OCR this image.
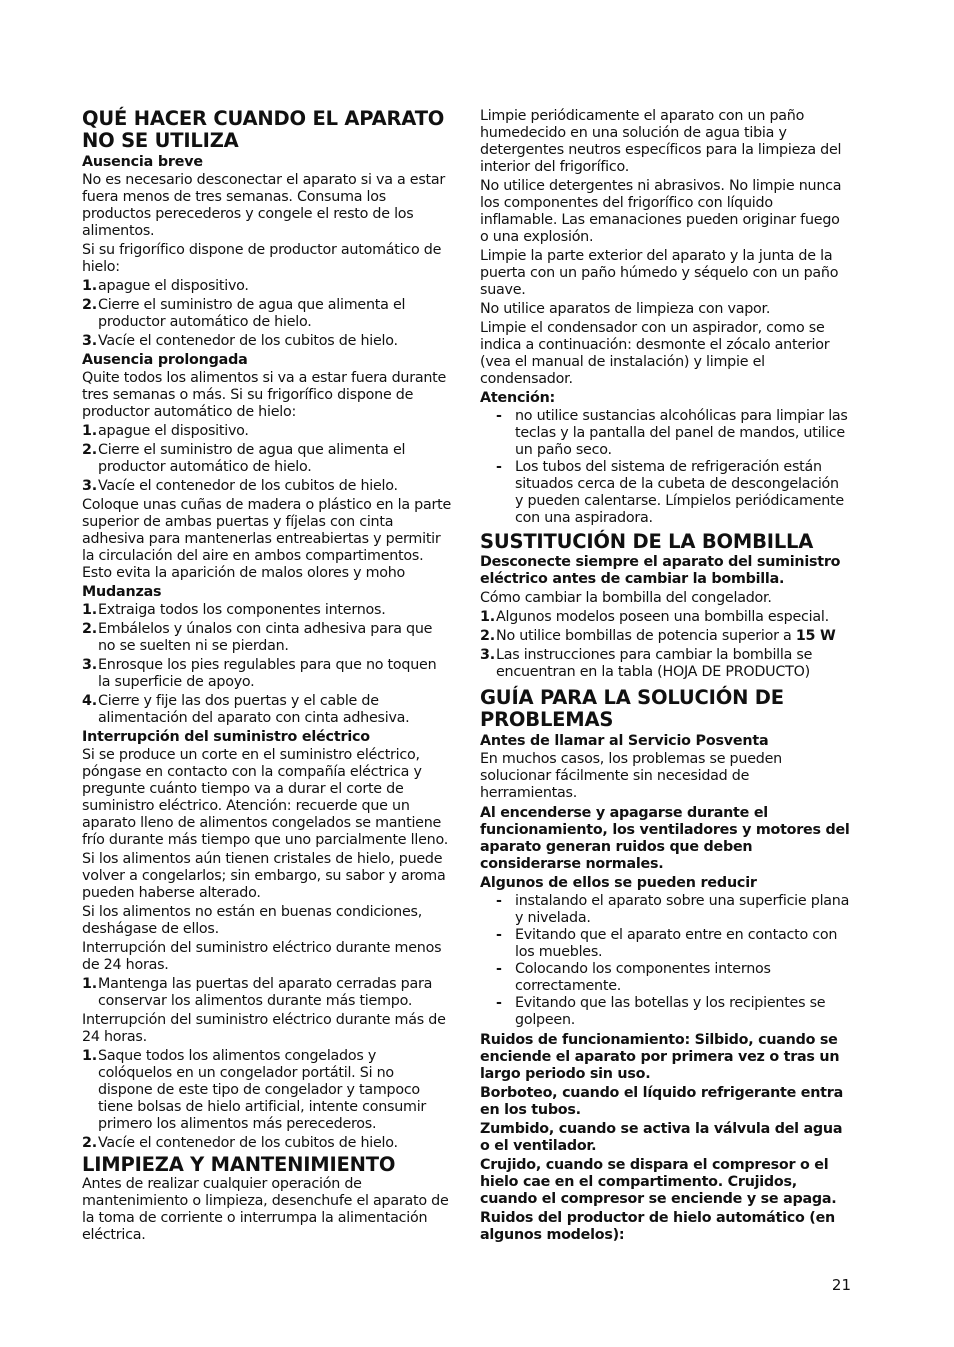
QUÉ HACER CUANDO EL APARATO NO SE UTILIZA
Ausencia breve

No es necesario desconectar el aparato si va a estar fuera menos de tres semanas. Consuma los productos perecederos y congele el resto de los alimentos.

Si su frigorífico dispone de productor automático de hielo:

1. apague el dispositivo.
2. Cierre el suministro de agua que alimenta el productor automático de hielo.
3. Vacíe el contenedor de los cubitos de hielo.
Ausencia prolongada

Quite todos los alimentos si va a estar fuera durante tres semanas o más. Si su frigorífico dispone de productor automático de hielo:

1. apague el dispositivo.
2. Cierre el suministro de agua que alimenta el productor automático de hielo.
3. Vacíe el contenedor de los cubitos de hielo.

Coloque unas cuñas de madera o plástico en la parte superior de ambas puertas y fíjelas con cinta adhesiva para mantenerlas entreabiertas y permitir la circulación del aire en ambos compartimentos. Esto evita la aparición de malos olores y moho

Mudanzas
1. Extraiga todos los componentes internos.
2. Embálelos y únalos con cinta adhesiva para que no se suelten ni se pierdan.
3. Enrosque los pies regulables para que no toquen la superficie de apoyo.
4. Cierre y fije las dos puertas y el cable de alimentación del aparato con cinta adhesiva.
Interrupción del suministro eléctrico

Si se produce un corte en el suministro eléctrico, póngase en contacto con la compañía eléctrica y pregunte cuánto tiempo va a durar el corte de suministro eléctrico. Atención: recuerde que un aparato lleno de alimentos congelados se mantiene frío durante más tiempo que uno parcialmente lleno.

Si los alimentos aún tienen cristales de hielo, puede volver a congelarlos; sin embargo, su sabor y aroma pueden haberse alterado.

Si los alimentos no están en buenas condiciones, deshágase de ellos.

Interrupción del suministro eléctrico durante menos de 24 horas.

1. Mantenga las puertas del aparato cerradas para conservar los alimentos durante más tiempo.

Interrupción del suministro eléctrico durante más de 24 horas.

1. Saque todos los alimentos congelados y colóquelos en un congelador portátil. Si no dispone de este tipo de congelador y tampoco tiene bolsas de hielo artificial, intente consumir primero los alimentos más perecederos.
2. Vacíe el contenedor de los cubitos de hielo.
LIMPIEZA Y MANTENIMIENTO

Antes de realizar cualquier operación de mantenimiento o limpieza, desenchufe el aparato de la toma de corriente o interrumpa la alimentación eléctrica.

Limpie periódicamente el aparato con un paño humedecido en una solución de agua tibia y detergentes neutros específicos para la limpieza del interior del frigorífico.

No utilice detergentes ni abrasivos. No limpie nunca los componentes del frigorífico con líquido inflamable. Las emanaciones pueden originar fuego o una explosión.

Limpie la parte exterior del aparato y la junta de la puerta con un paño húmedo y séquelo con un paño suave.

No utilice aparatos de limpieza con vapor.

Limpie el condensador con un aspirador, como se indica a continuación: desmonte el zócalo anterior (vea el manual de instalación) y limpie el condensador.

Atención:
- no utilice sustancias alcohólicas para limpiar las teclas y la pantalla del panel de mandos, utilice un paño seco.
- Los tubos del sistema de refrigeración están situados cerca de la cubeta de descongelación y pueden calentarse. Límpielos periódicamente con una aspiradora.
SUSTITUCIÓN DE LA BOMBILLA

Desconecte siempre el aparato del suministro eléctrico antes de cambiar la bombilla.

Cómo cambiar la bombilla del congelador.

1. Algunos modelos poseen una bombilla especial.
2. No utilice bombillas de potencia superior a 15 W
3. Las instrucciones para cambiar la bombilla se encuentran en la tabla (HOJA DE PRODUCTO)
GUÍA PARA LA SOLUCIÓN DE PROBLEMAS
Antes de llamar al Servicio Posventa

En muchos casos, los problemas se pueden solucionar fácilmente sin necesidad de herramientas.

Al encenderse y apagarse durante el funcionamiento, los ventiladores y motores del aparato generan ruidos que deben considerarse normales.

Algunos de ellos se pueden reducir
- instalando el aparato sobre una superficie plana y nivelada.
- Evitando que el aparato entre en contacto con los muebles.
- Colocando los componentes internos correctamente.
- Evitando que las botellas y los recipientes se golpeen.

Ruidos de funcionamiento: Silbido, cuando se enciende el aparato por primera vez o tras un largo periodo sin uso.

Borboteo, cuando el líquido refrigerante entra en los tubos.

Zumbido, cuando se activa la válvula del agua o el ventilador.

Crujido, cuando se dispara el compresor o el hielo cae en el compartimento. Crujidos, cuando el compresor se enciende y se apaga.

Ruidos del productor de hielo automático (en algunos modelos):

21
